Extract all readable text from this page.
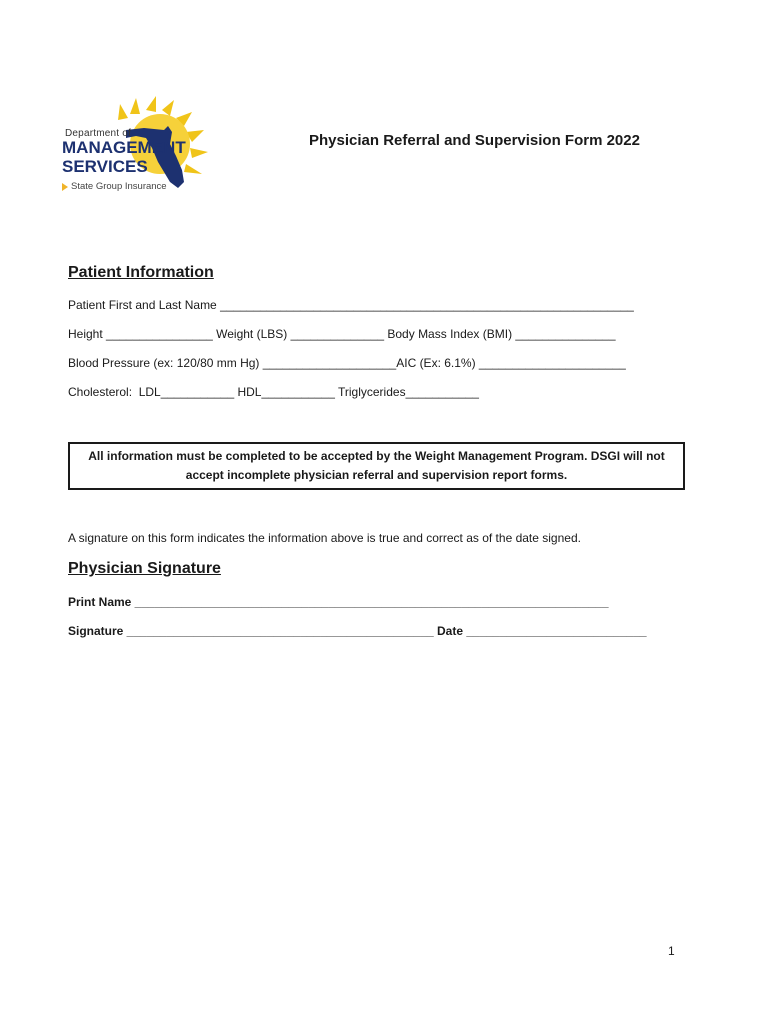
Department of
MANAGEMENT
SERVICES
State Group Insurance
Physician Referral and Supervision Form 2022
Patient Information
Patient First and Last Name ______________________________________________________________
Height ________________ Weight (LBS) ______________ Body Mass Index (BMI) _______________
Blood Pressure (ex: 120/80 mm Hg) ____________________AIC (Ex: 6.1%) ______________________
Cholesterol:  LDL___________ HDL___________ Triglycerides___________
All information must be completed to be accepted by the Weight Management Program. DSGI will not accept incomplete physician referral and supervision report forms.
A signature on this form indicates the information above is true and correct as of the date signed.
Physician Signature
Print Name _______________________________________________________________________
Signature ______________________________________________ Date ___________________________
1
